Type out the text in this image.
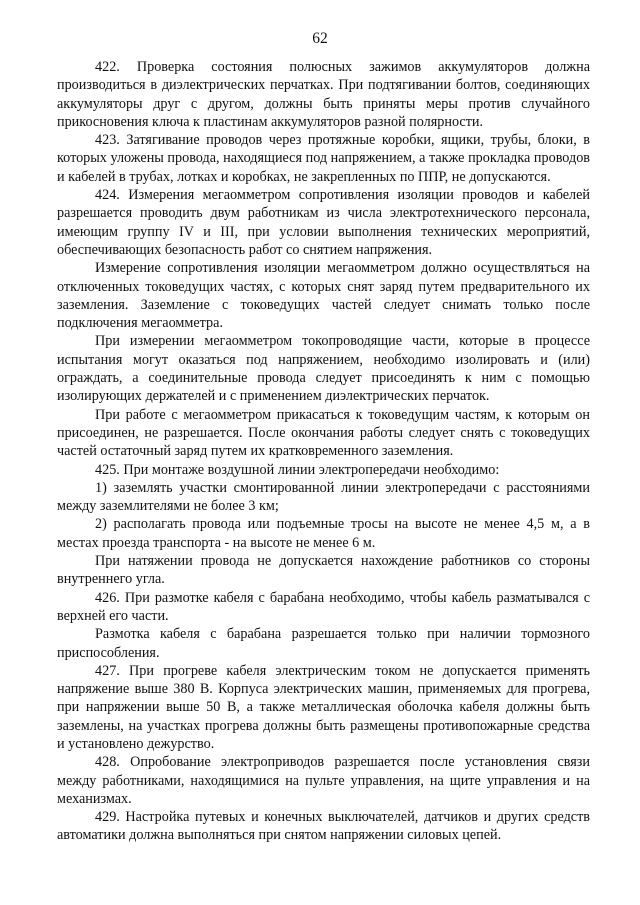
62

422. Проверка состояния полюсных зажимов аккумуляторов должна производиться в диэлектрических перчатках. При подтягивании болтов, соединяющих аккумуляторы друг с другом, должны быть приняты меры против случайного прикосновения ключа к пластинам аккумуляторов разной полярности.

423. Затягивание проводов через протяжные коробки, ящики, трубы, блоки, в которых уложены провода, находящиеся под напряжением, а также прокладка проводов и кабелей в трубах, лотках и коробках, не закрепленных по ППР, не допускаются.

424. Измерения мегаомметром сопротивления изоляции проводов и кабелей разрешается проводить двум работникам из числа электротехнического персонала, имеющим группу IV и III, при условии выполнения технических мероприятий, обеспечивающих безопасность работ со снятием напряжения.

Измерение сопротивления изоляции мегаомметром должно осуществляться на отключенных токоведущих частях, с которых снят заряд путем предварительного их заземления. Заземление с токоведущих частей следует снимать только после подключения мегаомметра.

При измерении мегаомметром токопроводящие части, которые в процессе испытания могут оказаться под напряжением, необходимо изолировать и (или) ограждать, а соединительные провода следует присоединять к ним с помощью изолирующих держателей и с применением диэлектрических перчаток.

При работе с мегаомметром прикасаться к токоведущим частям, к которым он присоединен, не разрешается. После окончания работы следует снять с токоведущих частей остаточный заряд путем их кратковременного заземления.

425. При монтаже воздушной линии электропередачи необходимо:

1) заземлять участки смонтированной линии электропередачи с расстояниями между заземлителями не более 3 км;

2) располагать провода или подъемные тросы на высоте не менее 4,5 м, а в местах проезда транспорта - на высоте не менее 6 м.

При натяжении провода не допускается нахождение работников со стороны внутреннего угла.

426. При размотке кабеля с барабана необходимо, чтобы кабель разматывался с верхней его части.

Размотка кабеля с барабана разрешается только при наличии тормозного приспособления.

427. При прогреве кабеля электрическим током не допускается применять напряжение выше 380 В. Корпуса электрических машин, применяемых для прогрева, при напряжении выше 50 В, а также металлическая оболочка кабеля должны быть заземлены, на участках прогрева должны быть размещены противопожарные средства и установлено дежурство.

428. Опробование электроприводов разрешается после установления связи между работниками, находящимися на пульте управления, на щите управления и на механизмах.

429. Настройка путевых и конечных выключателей, датчиков и других средств автоматики должна выполняться при снятом напряжении силовых цепей.
